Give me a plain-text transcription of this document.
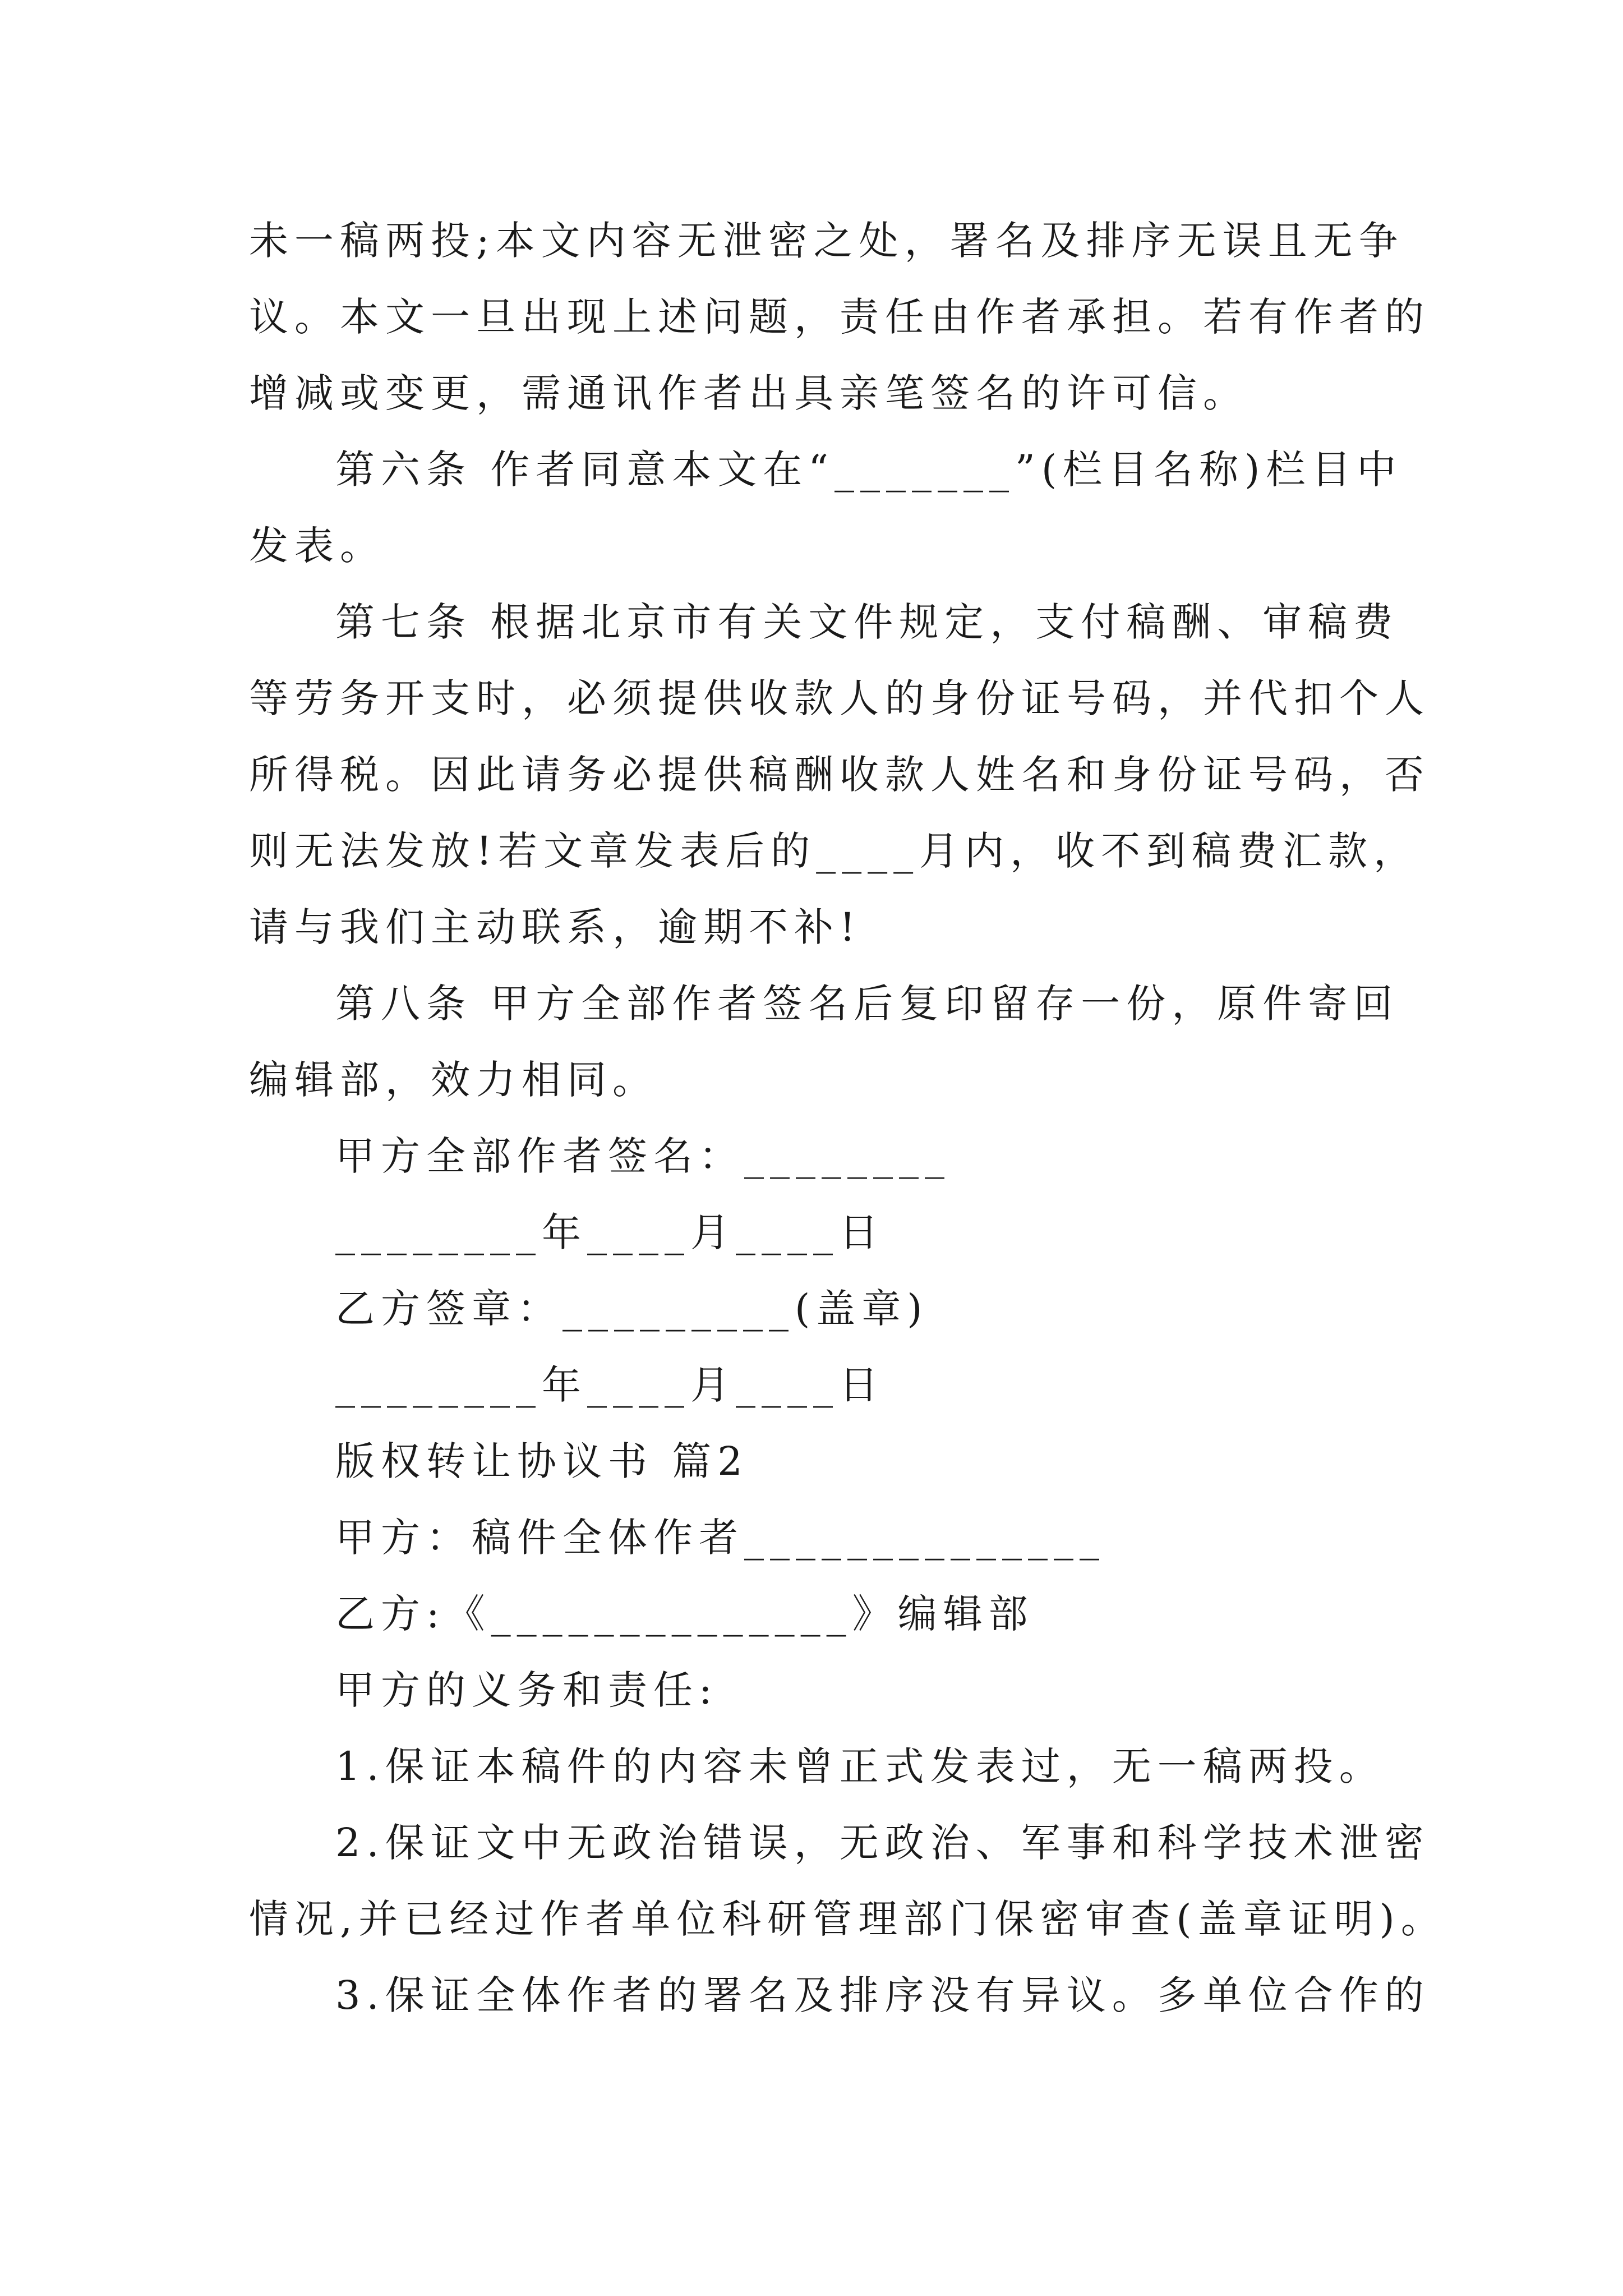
未一稿两投;本文内容无泄密之处，署名及排序无误且无争
议。本文一旦出现上述问题，责任由作者承担。若有作者的
增减或变更，需通讯作者出具亲笔签名的许可信。
第六条 作者同意本文在“_______”(栏目名称)栏目中
发表。
第七条 根据北京市有关文件规定，支付稿酬、审稿费
等劳务开支时，必须提供收款人的身份证号码，并代扣个人
所得税。因此请务必提供稿酬收款人姓名和身份证号码，否
则无法发放!若文章发表后的____月内，收不到稿费汇款，
请与我们主动联系，逾期不补!
第八条 甲方全部作者签名后复印留存一份，原件寄回
编辑部，效力相同。
甲方全部作者签名：________
________年____月____日
乙方签章：_________(盖章)
________年____月____日
版权转让协议书 篇2
甲方：稿件全体作者______________
乙方:《______________》编辑部
甲方的义务和责任:
1.保证本稿件的内容未曾正式发表过，无一稿两投。
2.保证文中无政治错误，无政治、军事和科学技术泄密
情况,并已经过作者单位科研管理部门保密审查(盖章证明)。
3.保证全体作者的署名及排序没有异议。多单位合作的
